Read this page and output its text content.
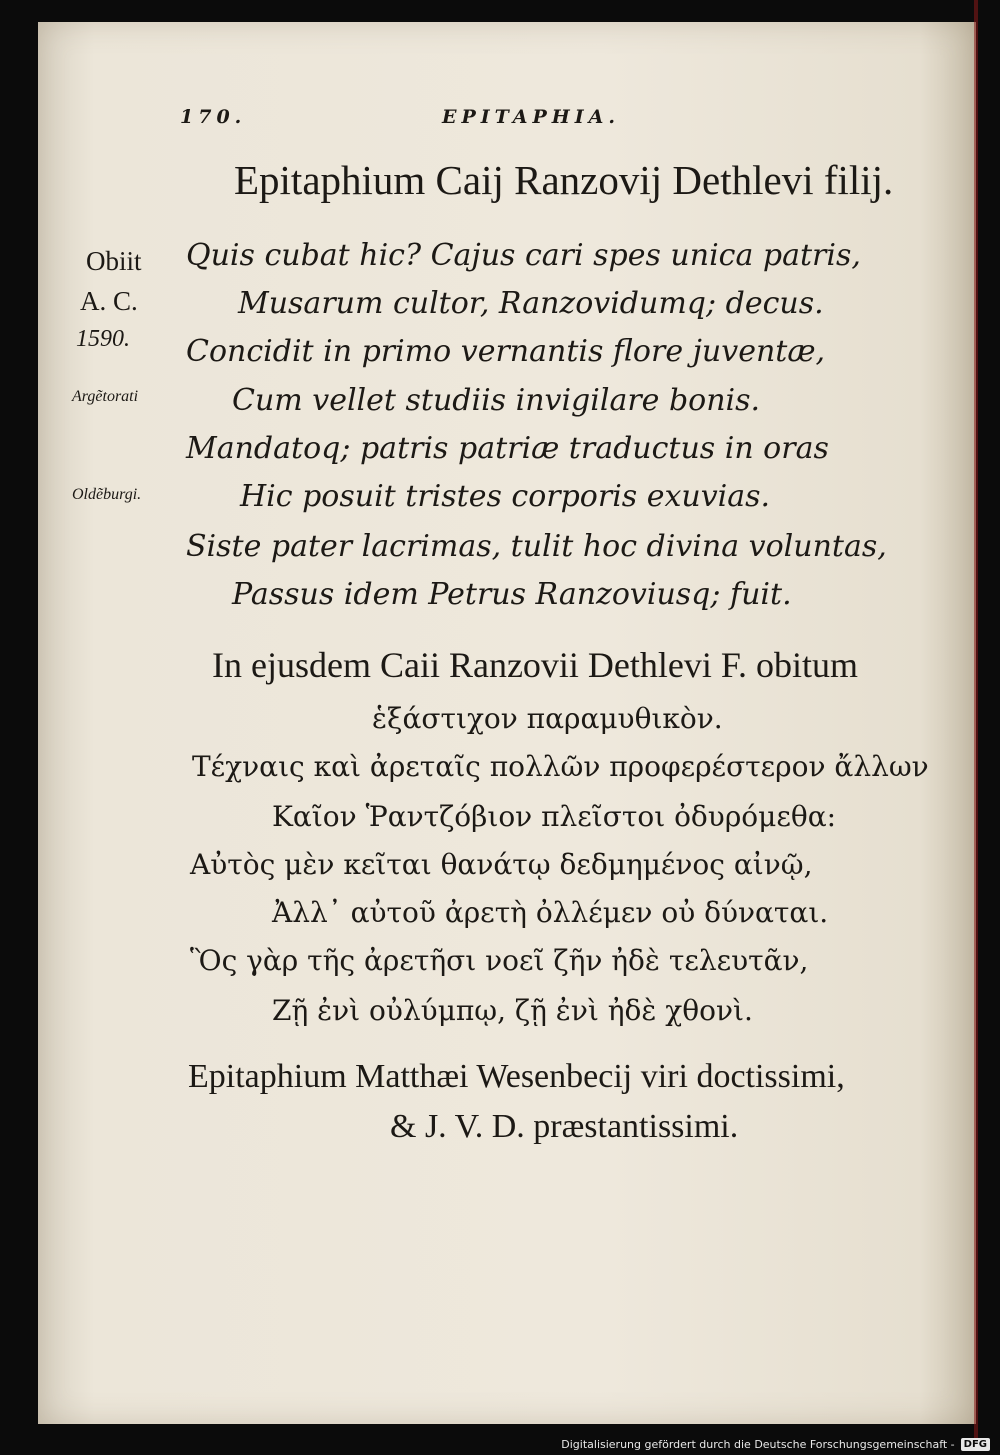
170.	EPITAPHIA.
Epitaphium Caij Ranzovij Dethlevi filij.
Quis cubat hic? Cajus cari spes unica patris,
Musarum cultor, Ranzovidumq; decus.
Concidit in primo vernantis flore juventæ,
Cum vellet studiis invigilare bonis.
Mandatoq; patris patriæ traductus in oras
Hic posuit tristes corporis exuvias.
Siste pater lacrimas, tulit hoc divina voluntas,
Passus idem Petrus Ranzoviusq; fuit.
Obiit
A. C.
1590.
Argẽtorati
Oldẽburgi.
In ejusdem Caii Ranzovii Dethlevi F. obitum
ἑξάστιχον παραμυθικὸν.
Τέχναις καὶ ἀρεταῖς πολλῶν προφερέστερον ἄλλων
Καῖον Ῥαντζόβιον πλεῖστοι ὀδυρόμεθα:
Αὐτὸς μὲν κεῖται θανάτῳ δεδμημένος αἰνῷ,
Ἀλλ᾽ αὐτοῦ ἀρετὴ ὀλλέμεν οὐ δύναται.
Ὃς γὰρ τῆς ἀρετῆσι νοεῖ ζῆν ἠδὲ τελευτᾶν,
Ζῇ ἐνὶ οὐλύμπῳ, ζῇ ἐνὶ ἠδὲ χθονὶ.
Epitaphium Matthæi Wesenbecij viri doctissimi,
& J. V. D. præstantissimi.
Digitalisierung gefördert durch die Deutsche Forschungsgemeinschaft - DFG
